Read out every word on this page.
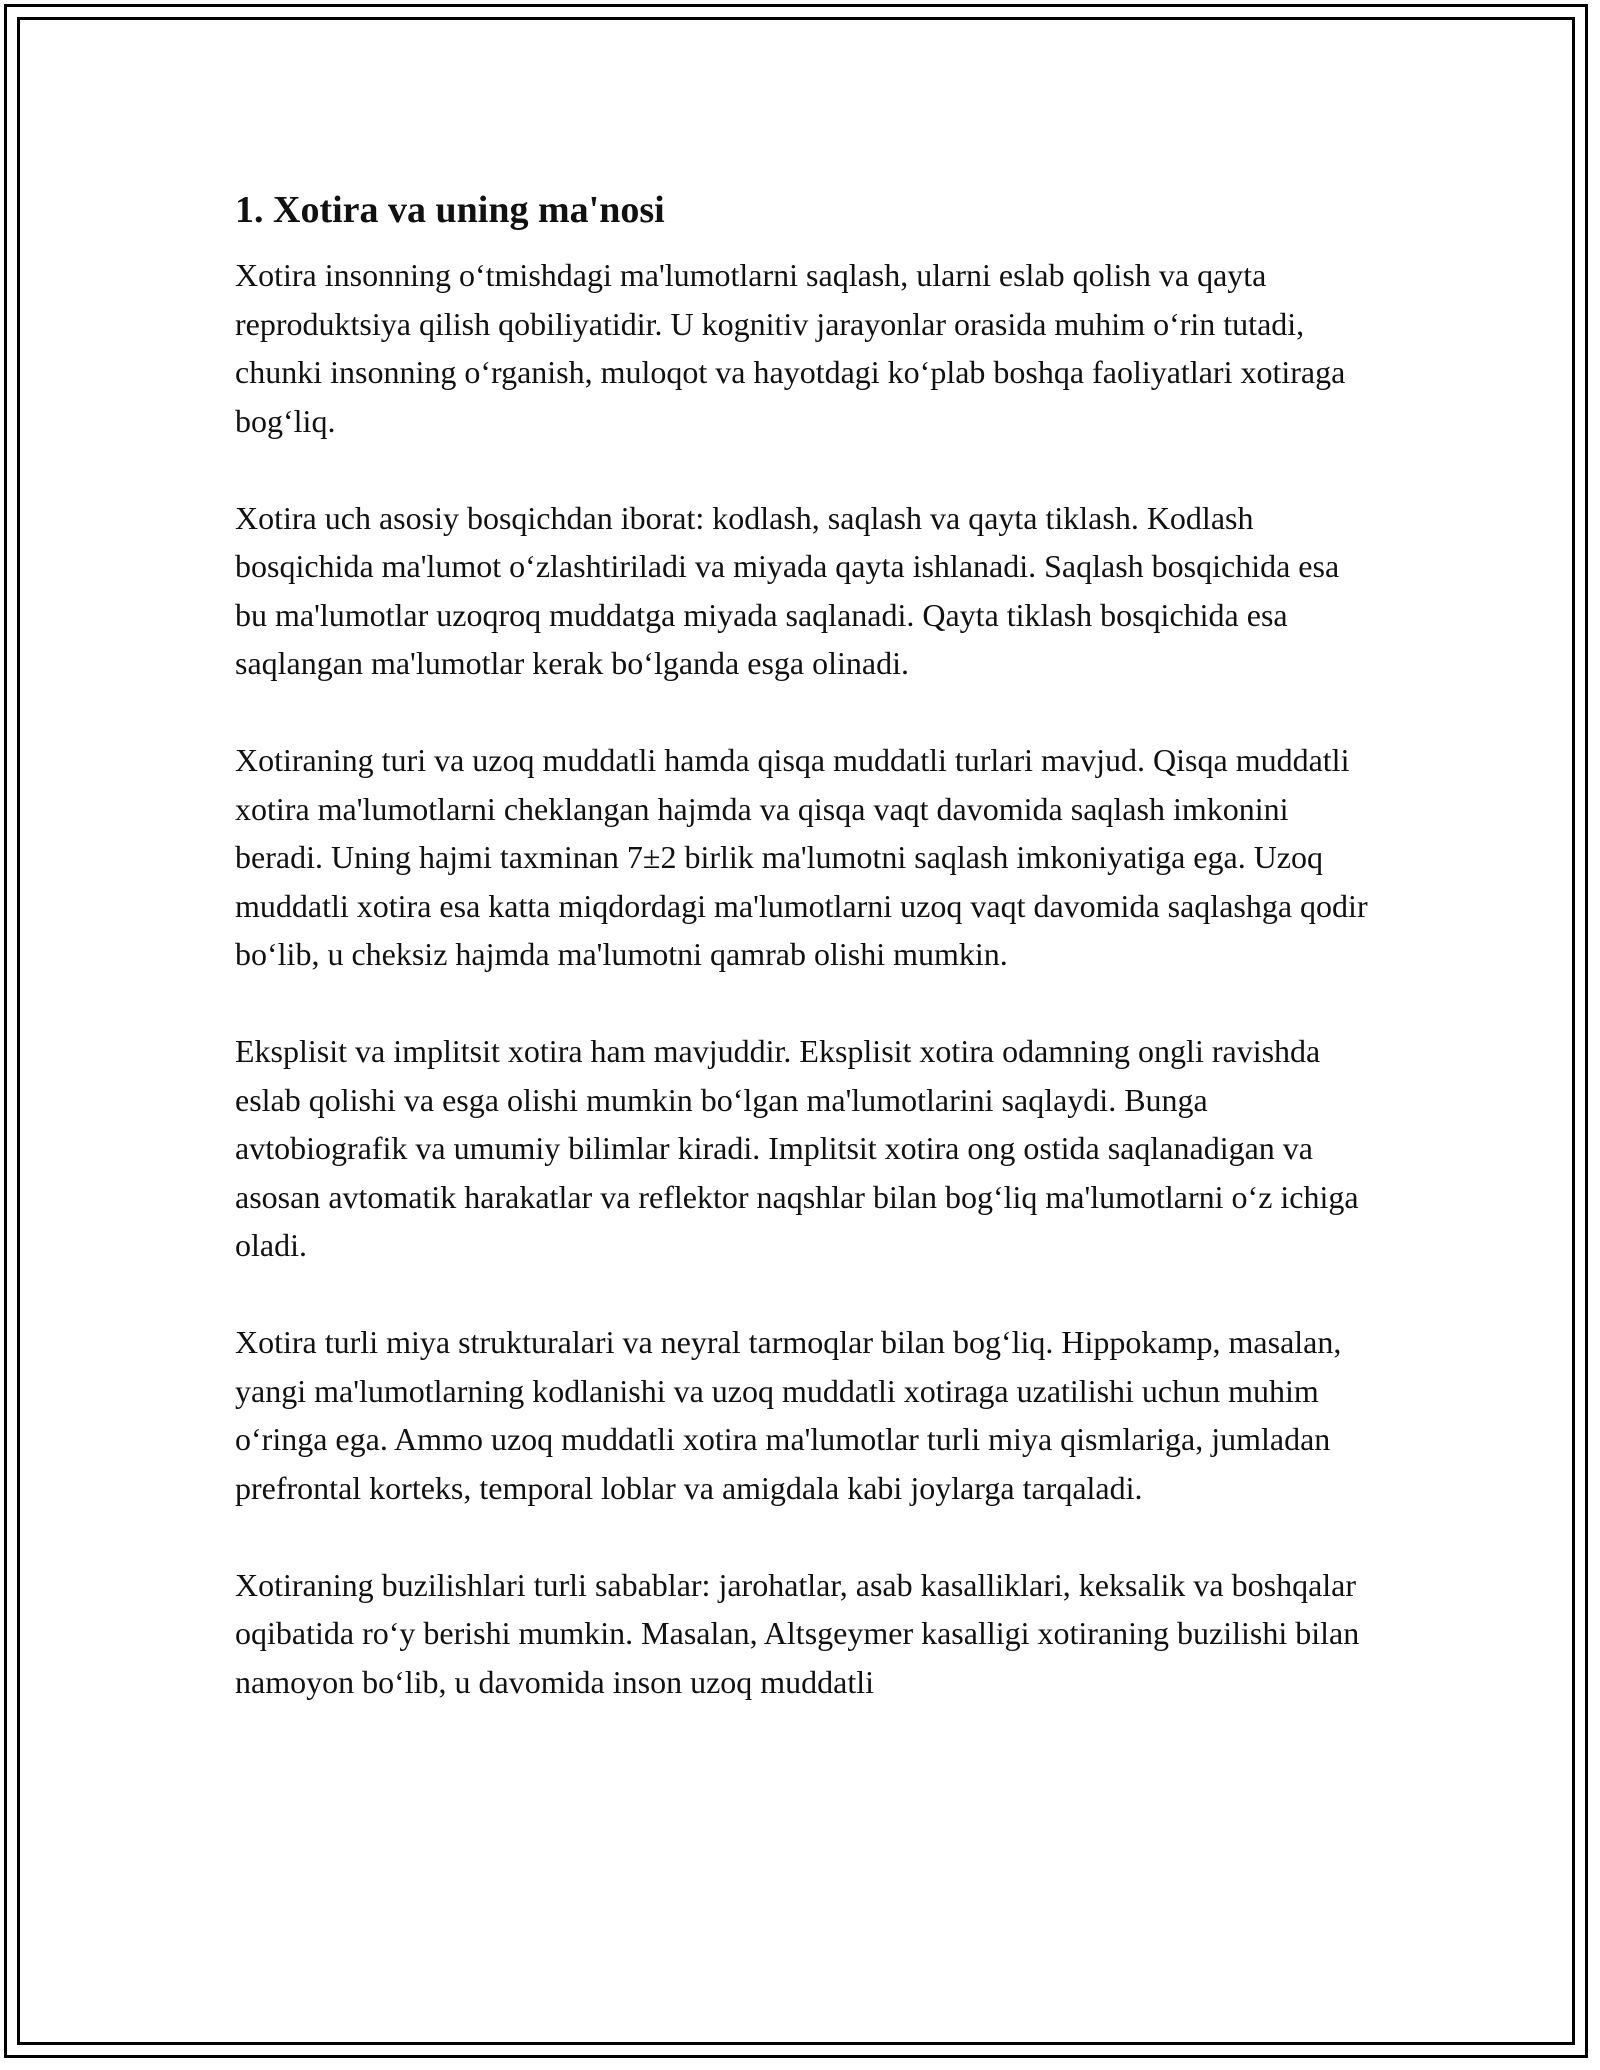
1. Xotira va uning ma'nosi

Xotira insonning o‘tmishdagi ma'lumotlarni saqlash, ularni eslab qolish va qayta reproduktsiya qilish qobiliyatidir. U kognitiv jarayonlar orasida muhim o‘rin tutadi, chunki insonning o‘rganish, muloqot va hayotdagi ko‘plab boshqa faoliyatlari xotiraga bog‘liq.

Xotira uch asosiy bosqichdan iborat: kodlash, saqlash va qayta tiklash. Kodlash bosqichida ma'lumot o‘zlashtiriladi va miyada qayta ishlanadi. Saqlash bosqichida esa bu ma'lumotlar uzoqroq muddatga miyada saqlanadi. Qayta tiklash bosqichida esa saqlangan ma'lumotlar kerak bo‘lganda esga olinadi.

Xotiraning turi va uzoq muddatli hamda qisqa muddatli turlari mavjud. Qisqa muddatli xotira ma'lumotlarni cheklangan hajmda va qisqa vaqt davomida saqlash imkonini beradi. Uning hajmi taxminan 7±2 birlik ma'lumotni saqlash imkoniyatiga ega. Uzoq muddatli xotira esa katta miqdordagi ma'lumotlarni uzoq vaqt davomida saqlashga qodir bo‘lib, u cheksiz hajmda ma'lumotni qamrab olishi mumkin.

Eksplisit va implitsit xotira ham mavjuddir. Eksplisit xotira odamning ongli ravishda eslab qolishi va esga olishi mumkin bo‘lgan ma'lumotlarini saqlaydi. Bunga avtobiografik va umumiy bilimlar kiradi. Implitsit xotira ong ostida saqlanadigan va asosan avtomatik harakatlar va reflektor naqshlar bilan bog‘liq ma'lumotlarni o‘z ichiga oladi.

Xotira turli miya strukturalari va neyral tarmoqlar bilan bog‘liq. Hippokamp, masalan, yangi ma'lumotlarning kodlanishi va uzoq muddatli xotiraga uzatilishi uchun muhim o‘ringa ega. Ammo uzoq muddatli xotira ma'lumotlar turli miya qismlariga, jumladan prefrontal korteks, temporal loblar va amigdala kabi joylarga tarqaladi.

Xotiraning buzilishlari turli sabablar: jarohatlar, asab kasalliklari, keksalik va boshqalar oqibatida ro‘y berishi mumkin. Masalan, Altsgeymer kasalligi xotiraning buzilishi bilan namoyon bo‘lib, u davomida inson uzoq muddatli
